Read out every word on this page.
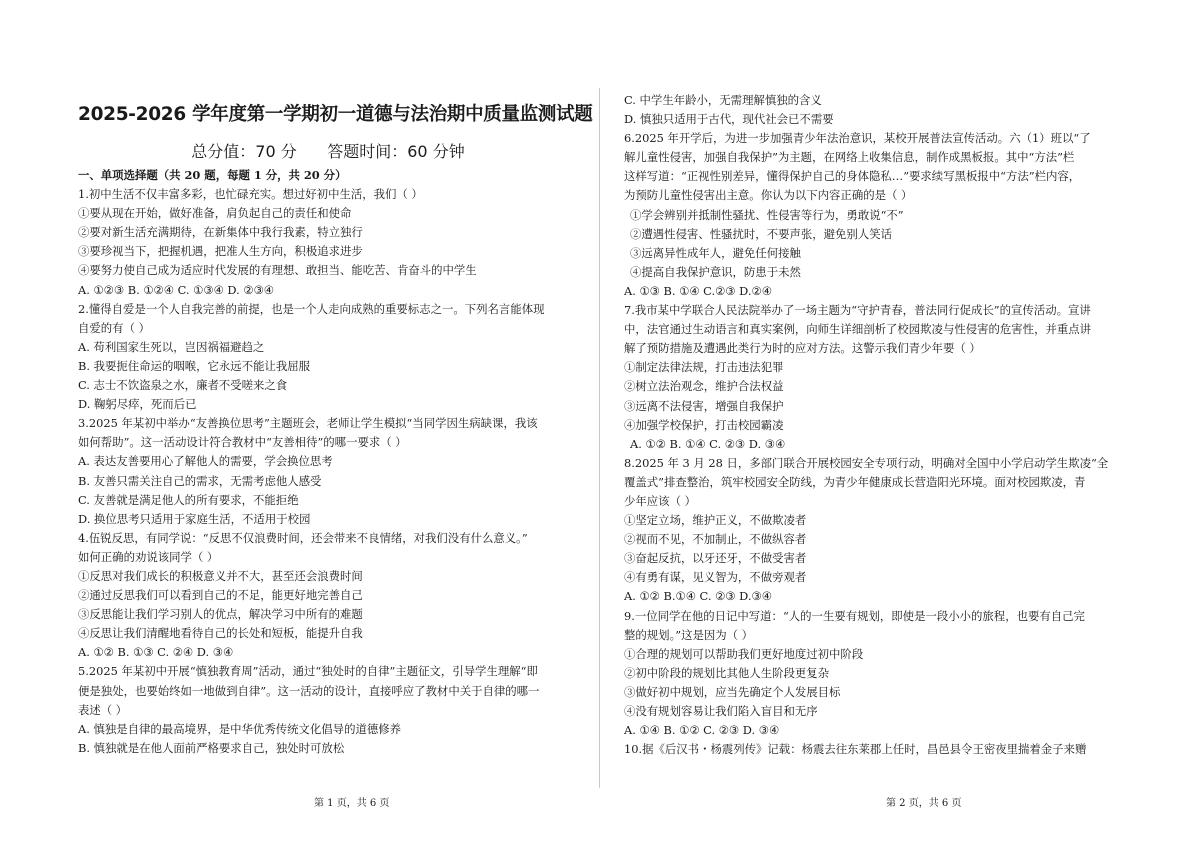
2025-2026 学年度第一学期初一道德与法治期中质量监测试题
总分值：70 分      答题时间：60 分钟
一、单项选择题（共 20 题，每题 1 分，共 20 分）
1.初中生活不仅丰富多彩，也忙碌充实。想过好初中生活，我们（ ）
①要从现在开始，做好准备，肩负起自己的责任和使命
②要对新生活充满期待，在新集体中我行我素，特立独行
③要珍视当下，把握机遇，把准人生方向，积极追求进步
④要努力使自己成为适应时代发展的有理想、敢担当、能吃苦、肯奋斗的中学生
A. ①②③ B. ①②④ C. ①③④ D. ②③④
2.懂得自爱是一个人自我完善的前提，也是一个人走向成熟的重要标志之一。下列名言能体现
自爱的有（ ）
A. 苟利国家生死以，岂因祸福避趋之
B. 我要扼住命运的咽喉，它永远不能让我屈服
C. 志士不饮盗泉之水，廉者不受嗟来之食
D. 鞠躬尽瘁，死而后已
3.2025 年某初中举办“友善换位思考”主题班会，老师让学生模拟“当同学因生病缺课，我该
如何帮助”。这一活动设计符合教材中“友善相待”的哪一要求（ ）
A. 表达友善要用心了解他人的需要，学会换位思考
B. 友善只需关注自己的需求，无需考虑他人感受
C. 友善就是满足他人的所有要求，不能拒绝
D. 换位思考只适用于家庭生活，不适用于校园
4.伍锐反思，有同学说：“反思不仅浪费时间，还会带来不良情绪，对我们没有什么意义。”
如何正确的劝说该同学（ ）
①反思对我们成长的积极意义并不大，甚至还会浪费时间
②通过反思我们可以看到自己的不足，能更好地完善自己
③反思能让我们学习别人的优点，解决学习中所有的难题
④反思让我们清醒地看待自己的长处和短板，能提升自我
A. ①② B. ①③ C. ②④ D. ③④
5.2025 年某初中开展“慎独教育周”活动，通过“独处时的自律”主题征文，引导学生理解“即
便是独处，也要始终如一地做到自律”。这一活动的设计，直接呼应了教材中关于自律的哪一
表述（ ）
A. 慎独是自律的最高境界，是中华优秀传统文化倡导的道德修养
B. 慎独就是在他人面前严格要求自己，独处时可放松
C. 中学生年龄小，无需理解慎独的含义
D. 慎独只适用于古代，现代社会已不需要
6.2025 年开学后，为进一步加强青少年法治意识，某校开展普法宣传活动。六（1）班以“了
解儿童性侵害，加强自我保护”为主题，在网络上收集信息，制作成黑板报。其中“方法”栏
这样写道：“正视性别差异，懂得保护自己的身体隐私…”要求续写黑板报中“方法”栏内容，
为预防儿童性侵害出主意。你认为以下内容正确的是（ ）
①学会辨别并抵制性骚扰、性侵害等行为，勇敢说“不”
②遭遇性侵害、性骚扰时，不要声张，避免别人笑话
③远离异性成年人，避免任何接触
④提高自我保护意识，防患于未然
A. ①③ B. ①④ C.②③ D.②④
7.我市某中学联合人民法院举办了一场主题为“守护青春，普法同行促成长”的宣传活动。宣讲
中，法官通过生动语言和真实案例，向师生详细剖析了校园欺凌与性侵害的危害性，并重点讲
解了预防措施及遭遇此类行为时的应对方法。这警示我们青少年要（ ）
①制定法律法规，打击违法犯罪
②树立法治观念，维护合法权益
③远离不法侵害，增强自我保护
④加强学校保护，打击校园霸凌
A. ①② B. ①④ C. ②③ D. ③④
8.2025 年 3 月 28 日，多部门联合开展校园安全专项行动，明确对全国中小学启动学生欺凌“全
覆盖式”排查整治，筑牢校园安全防线，为青少年健康成长营造阳光环境。面对校园欺凌，青
少年应该（ ）
①坚定立场，维护正义，不做欺凌者
②视而不见，不加制止，不做纵容者
③奋起反抗，以牙还牙，不做受害者
④有勇有谋，见义智为，不做旁观者
A. ①② B.①④ C. ②③ D.③④
9.一位同学在他的日记中写道：“人的一生要有规划，即使是一段小小的旅程，也要有自己完
整的规划。”这是因为（ ）
①合理的规划可以帮助我们更好地度过初中阶段
②初中阶段的规划比其他人生阶段更复杂
③做好初中规划，应当先确定个人发展目标
④没有规划容易让我们陷入盲目和无序
A. ①④ B. ①② C. ②③ D. ③④
10.据《后汉书・杨震列传》记载：杨震去往东莱郡上任时，昌邑县令王密夜里揣着金子来赠
第 1 页，共 6 页	第 2 页，共 6 页
